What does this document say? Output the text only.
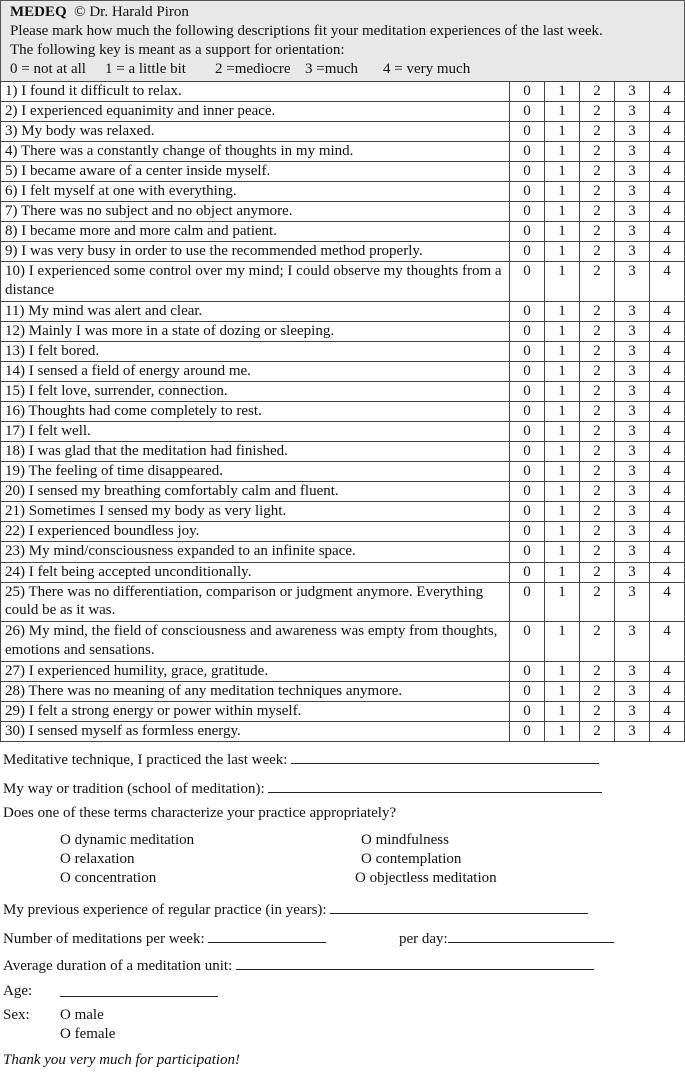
MEDEQ © Dr. Harald Piron
Please mark how much the following descriptions fit your meditation experiences of the last week.
The following key is meant as a support for orientation:
0 = not at all 1 = a little bit 2 =mediocre 3 =much 4 = very much
1) I found it difficult to relax.	0	1	2	3	4
2) I experienced equanimity and inner peace.	0	1	2	3	4
3) My body was relaxed.	0	1	2	3	4
4) There was a constantly change of thoughts in my mind.	0	1	2	3	4
5) I became aware of a center inside myself.	0	1	2	3	4
6) I felt myself at one with everything.	0	1	2	3	4
7) There was no subject and no object anymore.	0	1	2	3	4
8) I became more and more calm and patient.	0	1	2	3	4
9) I was very busy in order to use the recommended method properly.	0	1	2	3	4
10) I experienced some control over my mind; I could observe my thoughts from a distance	0	1	2	3	4
11) My mind was alert and clear.	0	1	2	3	4
12) Mainly I was more in a state of dozing or sleeping.	0	1	2	3	4
13) I felt bored.	0	1	2	3	4
14) I sensed a field of energy around me.	0	1	2	3	4
15) I felt love, surrender, connection.	0	1	2	3	4
16) Thoughts had come completely to rest.	0	1	2	3	4
17) I felt well.	0	1	2	3	4
18) I was glad that the meditation had finished.	0	1	2	3	4
19) The feeling of time disappeared.	0	1	2	3	4
20) I sensed my breathing comfortably calm and fluent.	0	1	2	3	4
21) Sometimes I sensed my body as very light.	0	1	2	3	4
22) I experienced boundless joy.	0	1	2	3	4
23) My mind/consciousness expanded to an infinite space.	0	1	2	3	4
24) I felt being accepted unconditionally.	0	1	2	3	4
25) There was no differentiation, comparison or judgment anymore. Everything could be as it was.	0	1	2	3	4
26) My mind, the field of consciousness and awareness was empty from thoughts, emotions and sensations.	0	1	2	3	4
27) I experienced humility, grace, gratitude.	0	1	2	3	4
28) There was no meaning of any meditation techniques anymore.	0	1	2	3	4
29) I felt a strong energy or power within myself.	0	1	2	3	4
30) I sensed myself as formless energy.	0	1	2	3	4
Meditative technique, I practiced the last week:
My way or tradition (school of meditation):
Does one of these terms characterize your practice appropriately?
O dynamic meditation
O relaxation
O concentration
O mindfulness
O contemplation
O objectless meditation
My previous experience of regular practice (in years):
Number of meditations per week:	per day:
Average duration of a meditation unit:
Age:
Sex: O male
O female
Thank you very much for participation!
